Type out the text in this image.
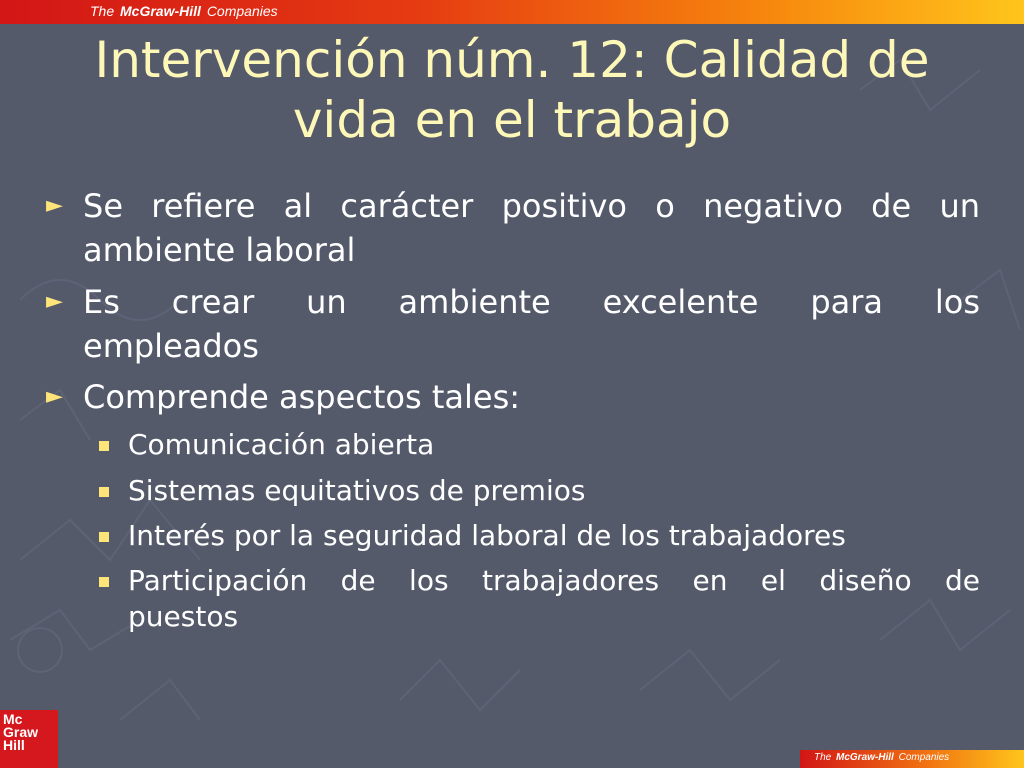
The McGraw-Hill Companies
Intervención núm. 12: Calidad de
vida en el trabajo
► Se refiere al carácter positivo o negativo de un
ambiente laboral
► Es crear un ambiente excelente para los
empleados
► Comprende aspectos tales:
Comunicación abierta
Sistemas equitativos de premios
Interés por la seguridad laboral de los trabajadores
Participación de los trabajadores en el diseño de
puestos
Mc
Graw
Hill
The McGraw-Hill Companies
